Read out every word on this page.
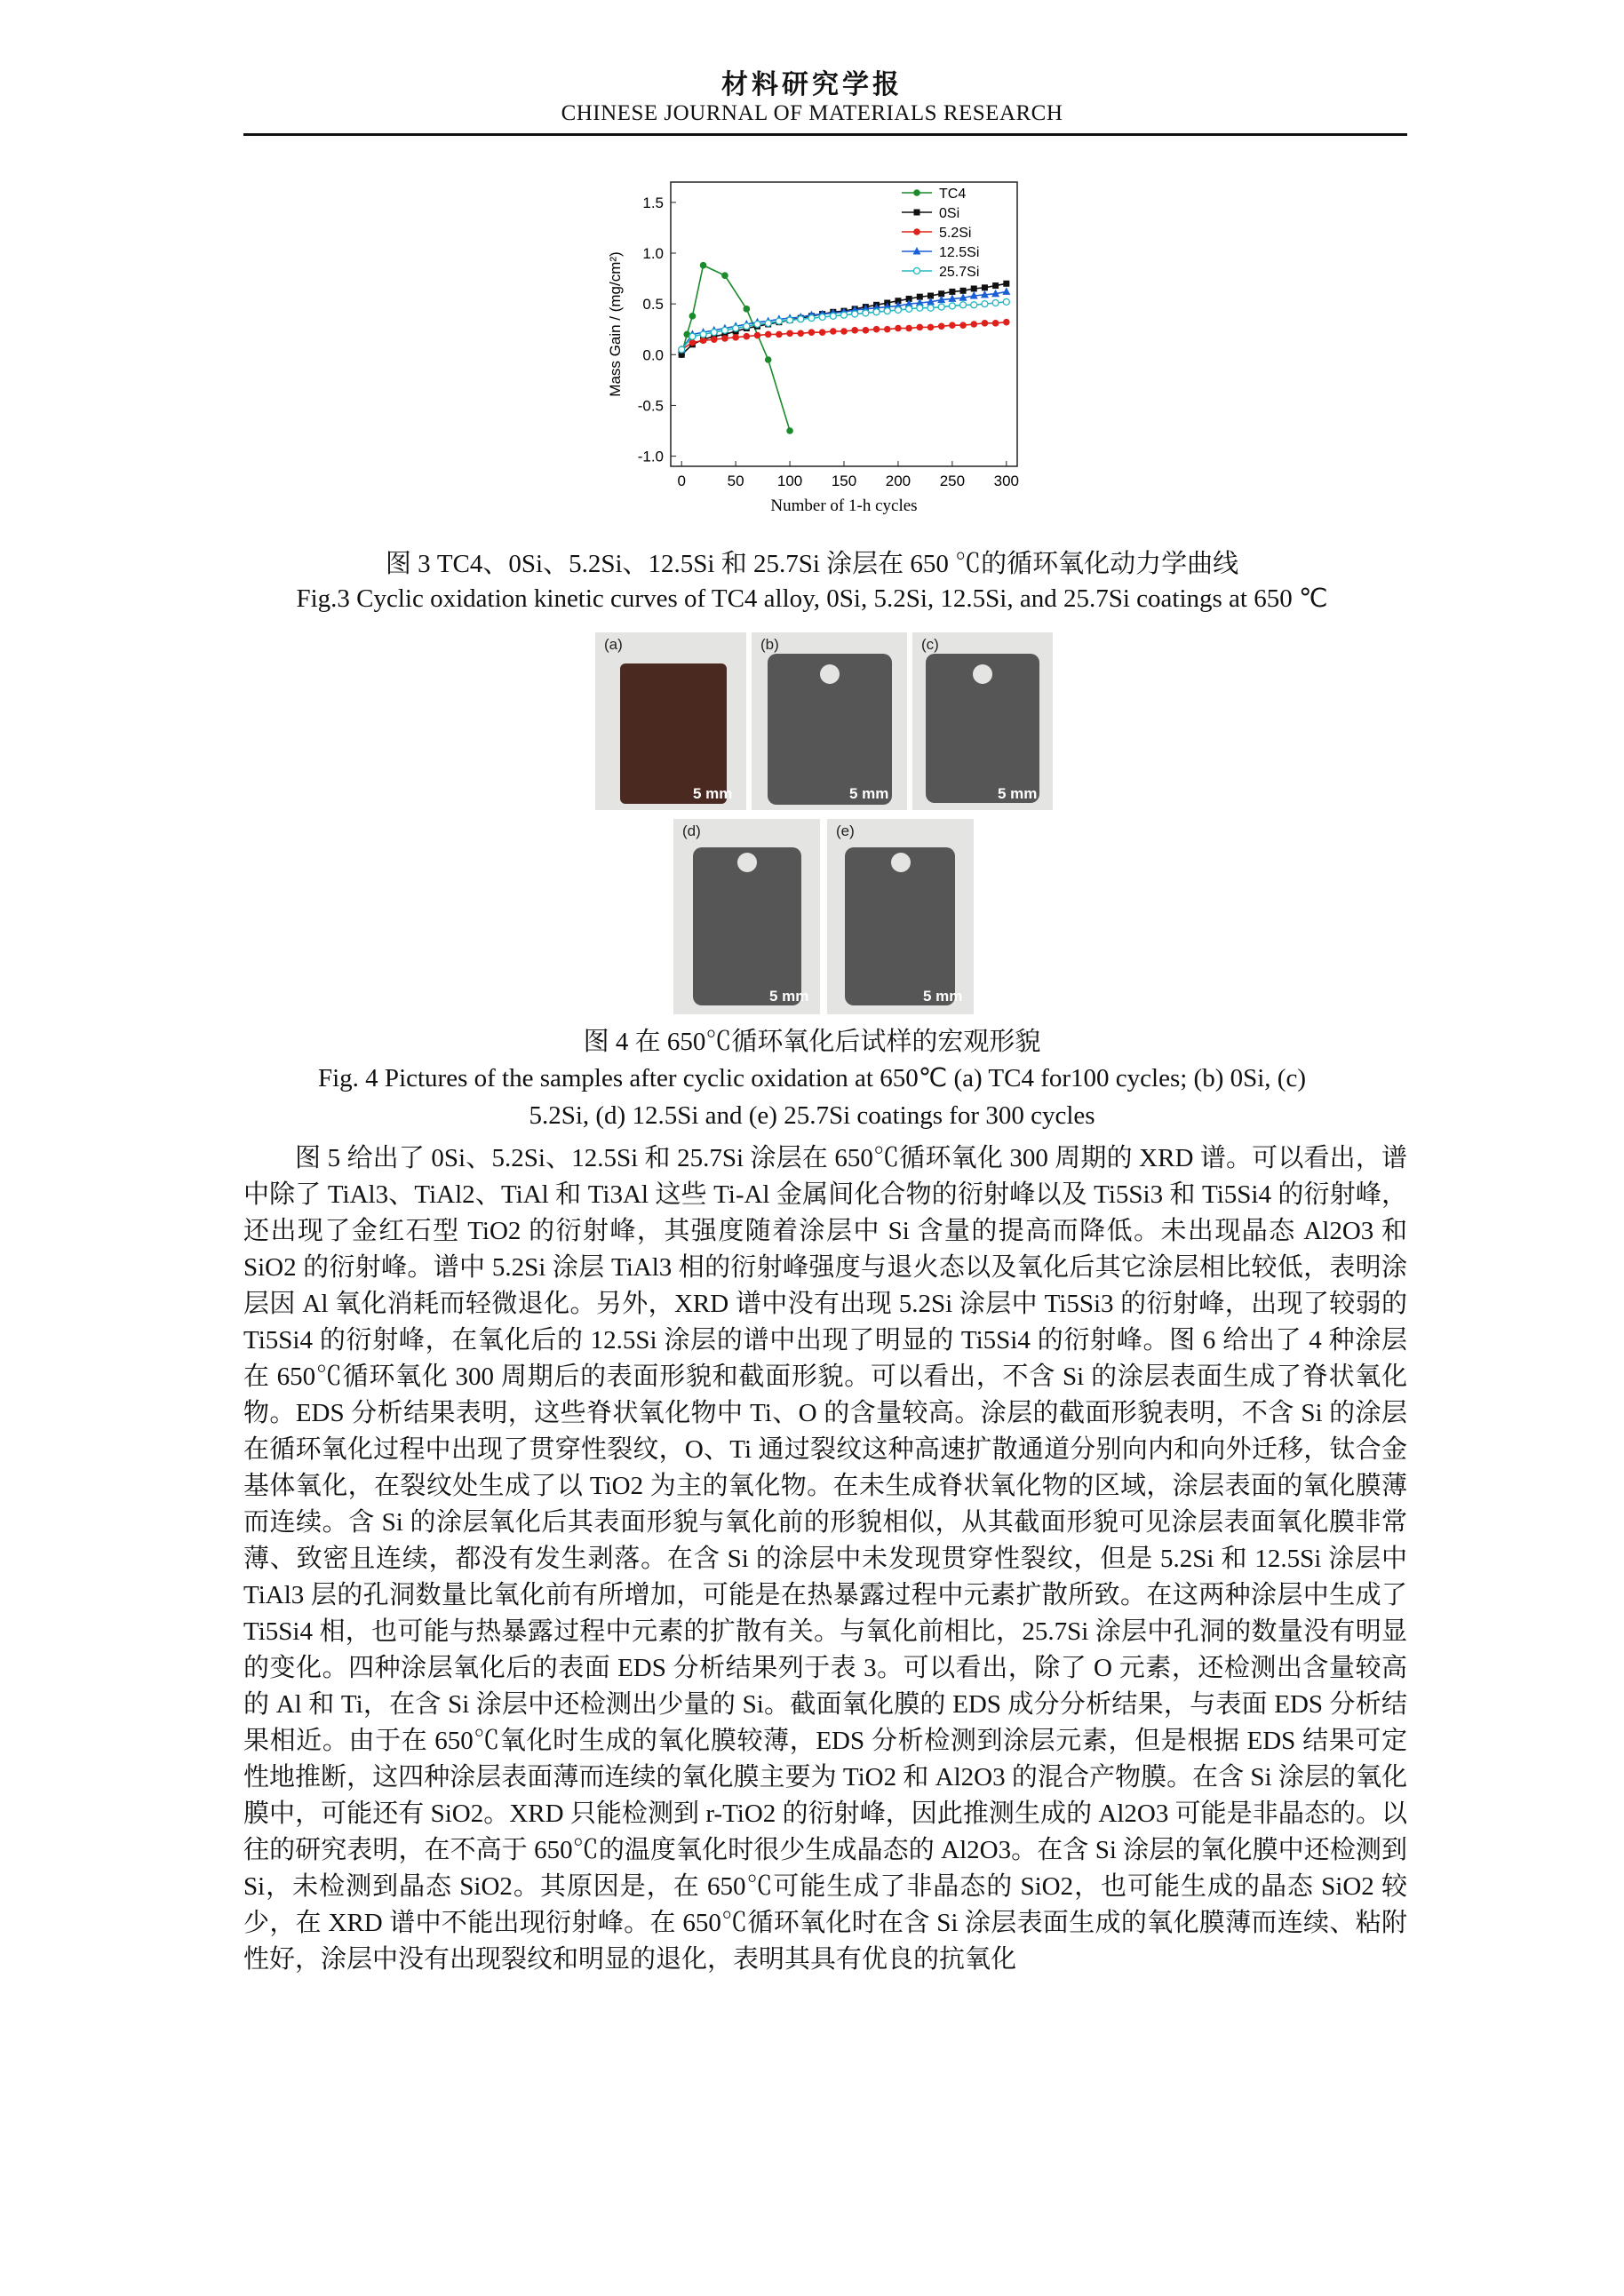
材料研究学报
CHINESE JOURNAL OF MATERIALS RESEARCH
0	50 100 150 200 250 300
-1.0
-0.5
0.0
0.5
1.0
1.5
Number of 1-h cycles
Mass Gain / (mg/cm²)
TC4
0Si
5.2Si
12.5Si
25.7Si
图 3 TC4、0Si、5.2Si、12.5Si 和 25.7Si 涂层在 650 ℃的循环氧化动力学曲线
Fig.3 Cyclic oxidation kinetic curves of TC4 alloy, 0Si, 5.2Si, 12.5Si, and 25.7Si coatings at 650 ℃
(a)
5 mm
(b)
5 mm
(c)
5 mm
(d)
5 mm
(e)
5 mm
图 4 在 650℃循环氧化后试样的宏观形貌
Fig. 4 Pictures of the samples after cyclic oxidation at 650℃ (a) TC4 for100 cycles; (b) 0Si, (c)
5.2Si, (d) 12.5Si and (e) 25.7Si coatings for 300 cycles

图 5 给出了 0Si、5.2Si、12.5Si 和 25.7Si 涂层在 650℃循环氧化 300 周期的 XRD 谱。可以看出，谱中除了 TiAl3、TiAl2、TiAl 和 Ti3Al 这些 Ti-Al 金属间化合物的衍射峰以及 Ti5Si3 和 Ti5Si4 的衍射峰，还出现了金红石型 TiO2 的衍射峰，其强度随着涂层中 Si 含量的提高而降低。未出现晶态 Al2O3 和 SiO2 的衍射峰。谱中 5.2Si 涂层 TiAl3 相的衍射峰强度与退火态以及氧化后其它涂层相比较低，表明涂层因 Al 氧化消耗而轻微退化。另外，XRD 谱中没有出现 5.2Si 涂层中 Ti5Si3 的衍射峰，出现了较弱的 Ti5Si4 的衍射峰，在氧化后的 12.5Si 涂层的谱中出现了明显的 Ti5Si4 的衍射峰。图 6 给出了 4 种涂层在 650℃循环氧化 300 周期后的表面形貌和截面形貌。可以看出，不含 Si 的涂层表面生成了脊状氧化物。EDS 分析结果表明，这些脊状氧化物中 Ti、O 的含量较高。涂层的截面形貌表明，不含 Si 的涂层在循环氧化过程中出现了贯穿性裂纹，O、Ti 通过裂纹这种高速扩散通道分别向内和向外迁移，钛合金基体氧化，在裂纹处生成了以 TiO2 为主的氧化物。在未生成脊状氧化物的区域，涂层表面的氧化膜薄而连续。含 Si 的涂层氧化后其表面形貌与氧化前的形貌相似，从其截面形貌可见涂层表面氧化膜非常薄、致密且连续，都没有发生剥落。在含 Si 的涂层中未发现贯穿性裂纹，但是 5.2Si 和 12.5Si 涂层中 TiAl3 层的孔洞数量比氧化前有所增加，可能是在热暴露过程中元素扩散所致。在这两种涂层中生成了 Ti5Si4 相，也可能与热暴露过程中元素的扩散有关。与氧化前相比，25.7Si 涂层中孔洞的数量没有明显的变化。四种涂层氧化后的表面 EDS 分析结果列于表 3。可以看出，除了 O 元素，还检测出含量较高的 Al 和 Ti，在含 Si 涂层中还检测出少量的 Si。截面氧化膜的 EDS 成分分析结果，与表面 EDS 分析结果相近。由于在 650℃氧化时生成的氧化膜较薄，EDS 分析检测到涂层元素，但是根据 EDS 结果可定性地推断，这四种涂层表面薄而连续的氧化膜主要为 TiO2 和 Al2O3 的混合产物膜。在含 Si 涂层的氧化膜中，可能还有 SiO2。XRD 只能检测到 r-TiO2 的衍射峰，因此推测生成的 Al2O3 可能是非晶态的。以往的研究表明，在不高于 650℃的温度氧化时很少生成晶态的 Al2O3。在含 Si 涂层的氧化膜中还检测到 Si，未检测到晶态 SiO2。其原因是，在 650℃可能生成了非晶态的 SiO2，也可能生成的晶态 SiO2 较少，在 XRD 谱中不能出现衍射峰。在 650℃循环氧化时在含 Si 涂层表面生成的氧化膜薄而连续、粘附性好，涂层中没有出现裂纹和明显的退化，表明其具有优良的抗氧化
